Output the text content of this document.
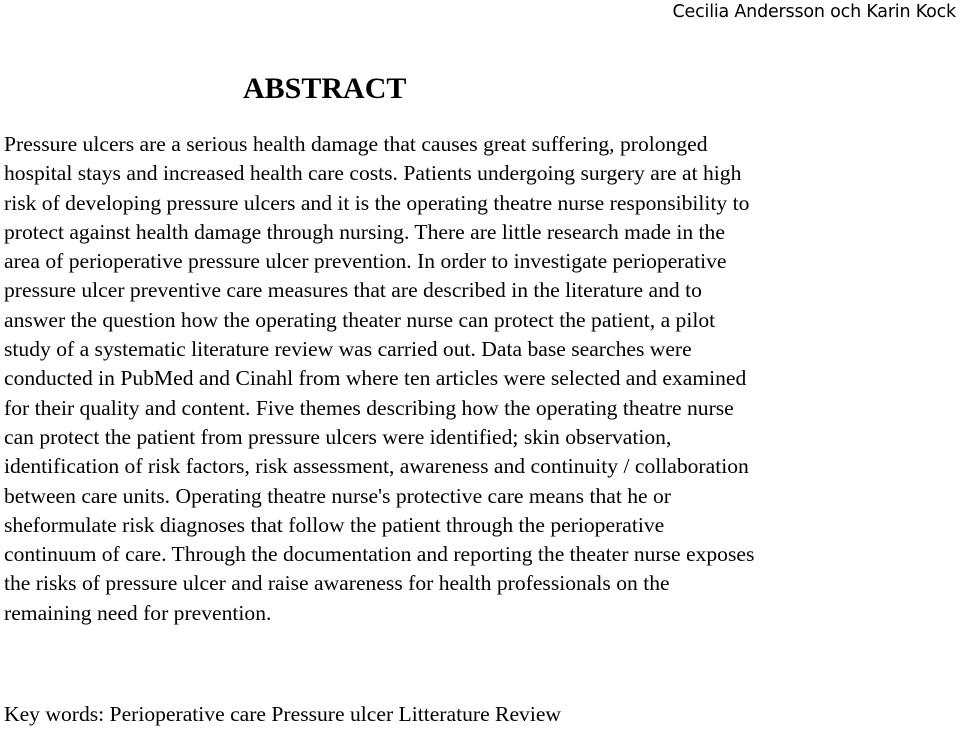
Cecilia Andersson och Karin Kock
ABSTRACT

Pressure ulcers are a serious health damage that causes great suffering, prolonged
hospital stays and increased health care costs. Patients undergoing surgery are at high
risk of developing pressure ulcers and it is the operating theatre nurse responsibility to
protect against health damage through nursing. There are little research made in the
area of perioperative pressure ulcer prevention. In order to investigate perioperative
pressure ulcer preventive care measures that are described in the literature and to
answer the question how the operating theater nurse can protect the patient, a pilot
study of a systematic literature review was carried out. Data base searches were
conducted in PubMed and Cinahl from where ten articles were selected and examined
for their quality and content. Five themes describing how the operating theatre nurse
can protect the patient from pressure ulcers were identified; skin observation,
identification of risk factors, risk assessment, awareness and continuity / collaboration
between care units. Operating theatre nurse's protective care means that he or
sheformulate risk diagnoses that follow the patient through the perioperative
continuum of care. Through the documentation and reporting the theater nurse exposes
the risks of pressure ulcer and raise awareness for health professionals on the
remaining need for prevention.

Key words: Perioperative care Pressure ulcer Litterature Review
